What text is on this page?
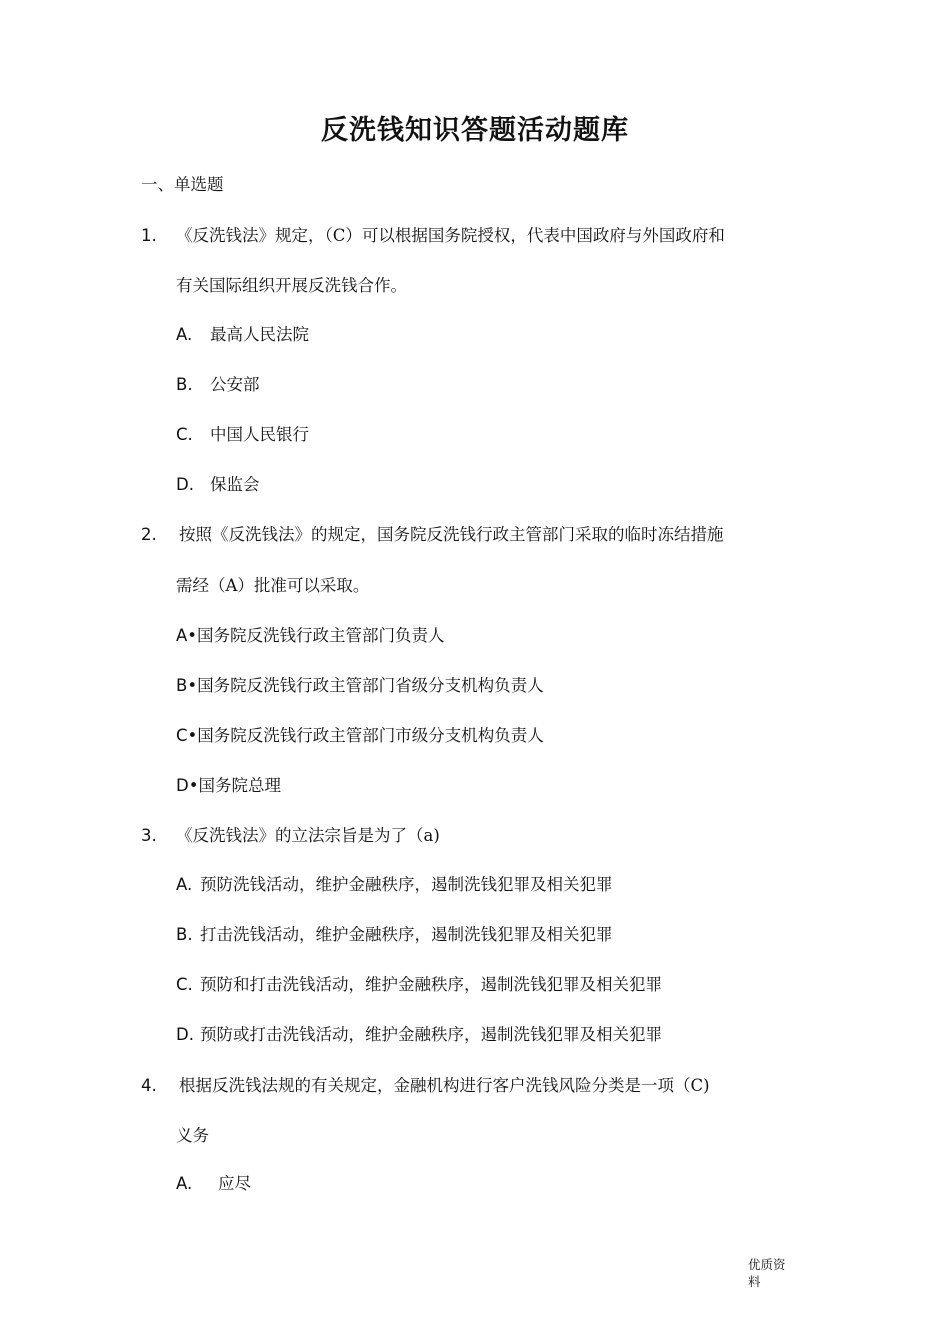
反洗钱知识答题活动题库
一、单选题
1. 《反洗钱法》规定，（C）可以根据国务院授权，代表中国政府与外国政府和
有关国际组织开展反洗钱合作。
A. 最高人民法院
B. 公安部
C. 中国人民银行
D. 保监会
2. 按照《反洗钱法》的规定，国务院反洗钱行政主管部门采取的临时冻结措施
需经（A）批准可以采取。
A•国务院反洗钱行政主管部门负责人
B•国务院反洗钱行政主管部门省级分支机构负责人
C•国务院反洗钱行政主管部门市级分支机构负责人
D•国务院总理
3. 《反洗钱法》的立法宗旨是为了（a)
A. 预防洗钱活动，维护金融秩序，遏制洗钱犯罪及相关犯罪
B. 打击洗钱活动，维护金融秩序，遏制洗钱犯罪及相关犯罪
C. 预防和打击洗钱活动，维护金融秩序，遏制洗钱犯罪及相关犯罪
D. 预防或打击洗钱活动，维护金融秩序，遏制洗钱犯罪及相关犯罪
4. 根据反洗钱法规的有关规定，金融机构进行客户洗钱风险分类是一项（C)
义务
A. 应尽
优质资料
